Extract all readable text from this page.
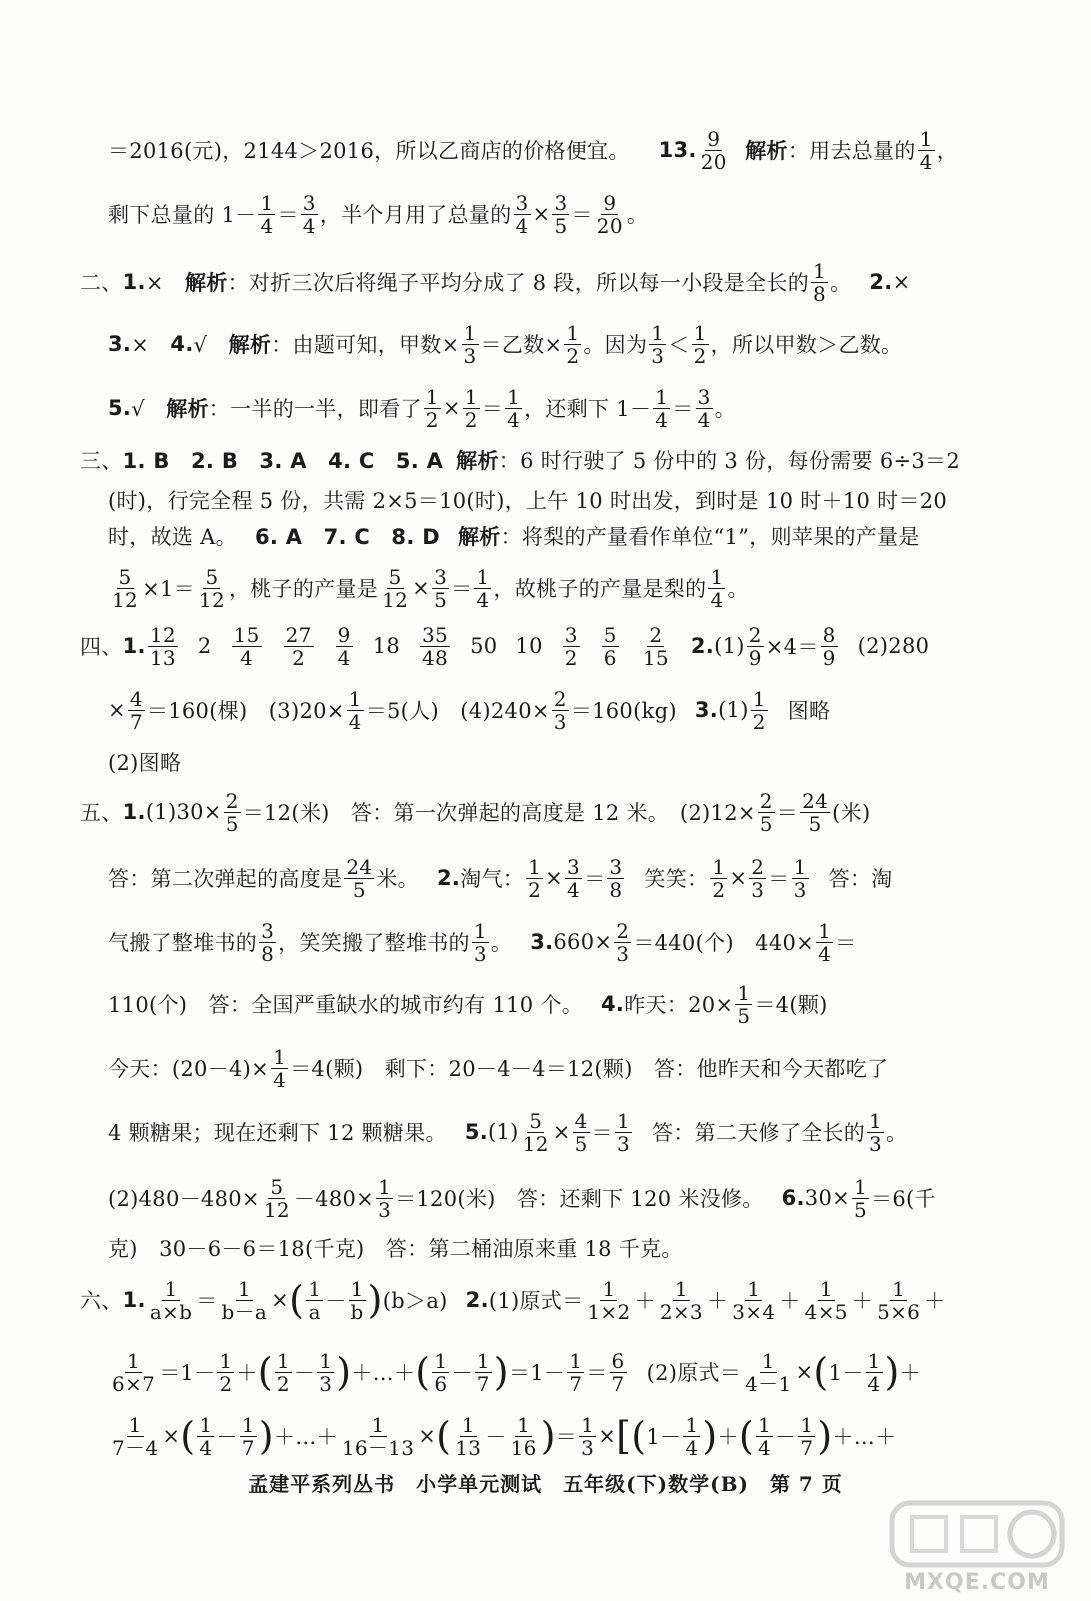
＝2016(元)，2144＞2016，所以乙商店的价格便宜。 13. 9
20 解析 ：用去总量的
1
4 ，
剩下总量的 1－
1
4 ＝
3
4 ，半个月用了总量的 $\frac{3}{4} \times \frac{3}{5}$ ＝
9
20 。
二、 1. ×　 解析 ：对折三次后将绳子平均分成了 8 段，所以每一小段是全长的
1
8 。 2. ×
3. ×　 4. √　 解析 ：由题可知，甲数× $\frac{1}{3}$ ＝乙数× $\frac{1}{2}$ 。因为
1
3 ＜
1
2 ，所以甲数＞乙数。
5. √　 解析 ：一半的一半，即看了 $\frac{1}{2} \times \frac{1}{2}$ ＝
1
4 ，还剩下 1－
1
4 ＝
3
4 。
三、 1. B　2. B　3. A　4. C　5. A 解析 ：6 时行驶了 5 份中的 3 份，每份需要 6÷3＝2
(时)，行完全程 5 份，共需 2×5＝10(时)，上午 10 时出发，到时是 10 时＋10 时＝20
时，故选 A。 6. A　7. C　8. D 解析 ：将梨的产量看作单位“1”，则苹果的产量是
$\frac{5}{12} \times 1=$
5
12 ，桃子的产量是 $\frac{5}{12} \times \frac{3}{5}$ ＝
1
4 ，故桃子的产量是梨的
1
4 。
四、 1. 12
13 2 15
4
27
2
9
4 18 35
48 50 10 3
2
5
6
2
15 2. $(1) \frac{2}{9} \times 4=$
8
9 (2)280
× $\frac{4}{7} =160$(棵)　$(3)20\times \frac{1}{4} =5$(人)　$(4)240\times \frac{2}{3} =160(kg)$ 3. (1) 1
2 图略
(2)图略
五、 1. $(1)30\times \frac{2}{5} =12$(米)　答：第一次弹起的高度是 12 米。　$(2)12\times \frac{2}{5}$ ＝
24
5 (米)
答：第二次弹起的高度是
24
5 米。 2. 淘气： $\frac{1}{2} \times \frac{3}{4}$ ＝
3
8 笑笑： $\frac{1}{2} \times \frac{2}{3}$ ＝
1
3 答：淘
气搬了整堆书的
3
8 ，笑笑搬了整堆书的
1
3 。 3. $660\times \frac{2}{3} =440$(个)　$440\times \frac{1}{4}$ ＝
110(个)　答：全国严重缺水的城市约有 110 个。 4. 昨天：$20\times \frac{1}{5} =4$(颗)
今天：$(20-4)\times \frac{1}{4} =4$(颗)　剩下：20－4－4＝12(颗)　答：他昨天和今天都吃了
4 颗糖果；现在还剩下 12 颗糖果。 5. $(1) \frac{5}{12} \times \frac{4}{5}$ ＝
1
3 答：第二天修了全长的
1
3 。
$(2)480-480\times \frac{5}{12} -480\times \frac{1}{3} =120$(米)　答：还剩下 120 米没修。 6. $30\times \frac{1}{5} =6$(千
克)　30－6－6＝18(千克)　答：第二桶油原来重 18 千克。
六、 1. 1
$a\times b = \frac{1}{b-a}$ × ( 1
a －
1
b ) (b＞a) 2. (1)原式＝
1
1×2 ＋
1
2×3 ＋
1
3×4 ＋
1
4×5 ＋
1
5×6 ＋
1
6×7 ＝1－
1
2 ＋ ( 1
2 －
1
3 ) ＋…＋ ( 1
6 －
1
7 ) ＝1－
1
7 ＝
6
7 (2)原式＝ $\frac{1}{4-1}$ × ( 1－
1
4 ) ＋
$\frac{1}{7-4}$ × ( 1
4 －
1
7 ) ＋…＋ $\frac{1}{16-13}$ × ( 1
13 －
1
16 ) ＝ $\frac{1}{3}$ × [ ( 1－
1
4 ) ＋ ( 1
4 －
1
7 ) ＋…＋
孟建平系列丛书　小学单元测试　五年级(下)数学(B)　第 7 页
MXQE.COM
